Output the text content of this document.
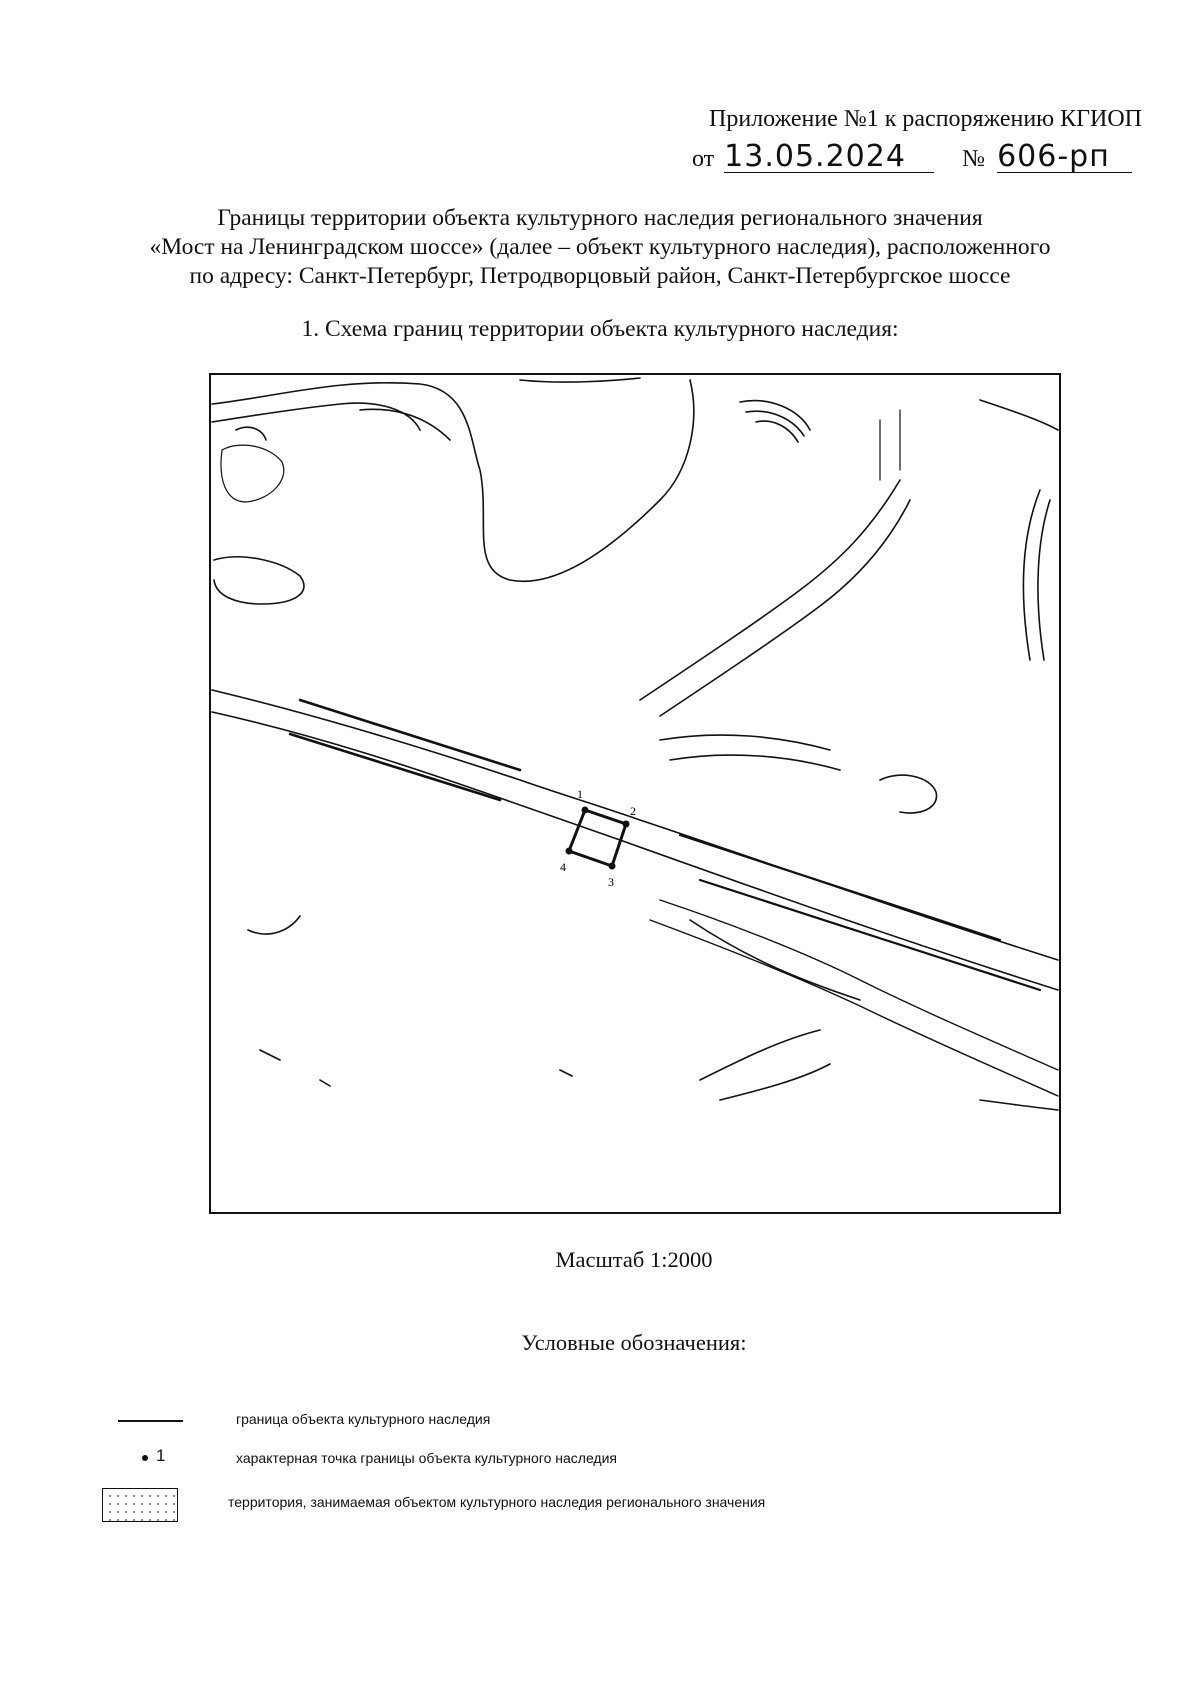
Приложение №1 к распоряжению КГИОП
от 13.05.2024 № 606-рп
Границы территории объекта культурного наследия регионального значения
«Мост на Ленинградском шоссе» (далее – объект культурного наследия), расположенного
по адресу: Санкт-Петербург, Петродворцовый район, Санкт-Петербургское шоссе
1. Схема границ территории объекта культурного наследия:
1
2
3
4
Масштаб 1:2000
Условные обозначения:
граница объекта культурного наследия
1	характерная точка границы объекта культурного наследия
территория, занимаемая объектом культурного наследия регионального значения
